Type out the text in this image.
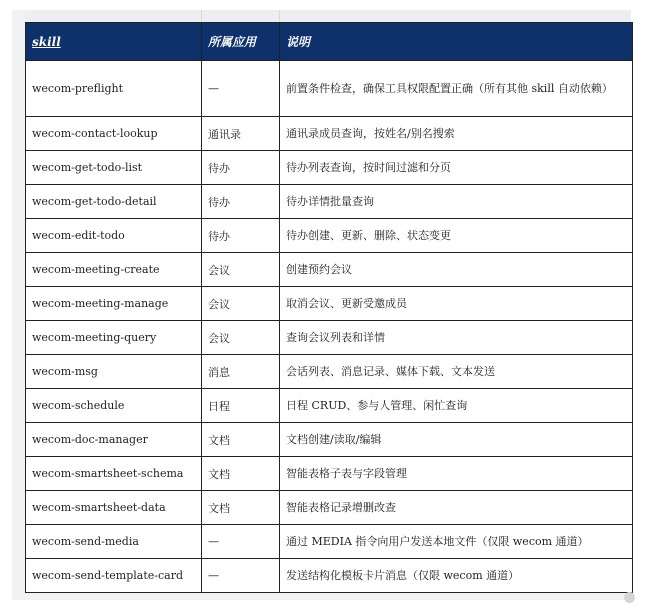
skill	所属应用	说明
wecom-preflight	—	前置条件检查，确保工具权限配置正确（所有其他 skill 自动依赖）
wecom-contact-lookup	通讯录	通讯录成员查询，按姓名/别名搜索
wecom-get-todo-list	待办	待办列表查询，按时间过滤和分页
wecom-get-todo-detail	待办	待办详情批量查询
wecom-edit-todo	待办	待办创建、更新、删除、状态变更
wecom-meeting-create	会议	创建预约会议
wecom-meeting-manage	会议	取消会议、更新受邀成员
wecom-meeting-query	会议	查询会议列表和详情
wecom-msg	消息	会话列表、消息记录、媒体下载、文本发送
wecom-schedule	日程	日程 CRUD、参与人管理、闲忙查询
wecom-doc-manager	文档	文档创建/读取/编辑
wecom-smartsheet-schema	文档	智能表格子表与字段管理
wecom-smartsheet-data	文档	智能表格记录增删改查
wecom-send-media	—	通过 MEDIA 指令向用户发送本地文件（仅限 wecom 通道）
wecom-send-template-card	—	发送结构化模板卡片消息（仅限 wecom 通道）
